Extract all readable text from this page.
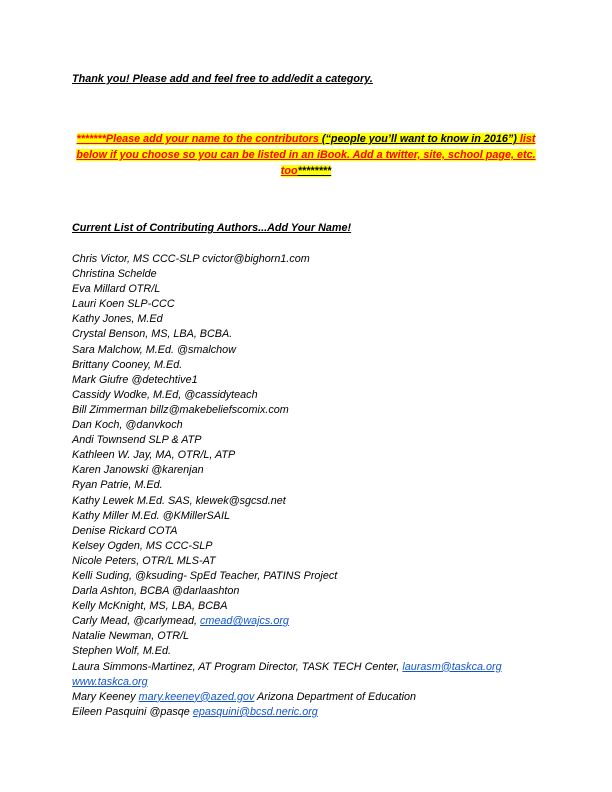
Thank you! Please add and feel free to add/edit a category.
*******Please add your name to the contributors (“people you’ll want to know in 2016”) list below if you choose so you can be listed in an iBook. Add a twitter, site, school page, etc. too********
Current List of Contributing Authors...Add Your Name!
Chris Victor, MS CCC-SLP cvictor@bighorn1.com
Christina Schelde
Eva Millard OTR/L
Lauri Koen SLP-CCC
Kathy Jones, M.Ed
Crystal Benson, MS, LBA, BCBA.
Sara Malchow, M.Ed. @smalchow
Brittany Cooney, M.Ed.
Mark Giufre @detechtive1
Cassidy Wodke, M.Ed, @cassidyteach
Bill Zimmerman billz@makebeliefscomix.com
Dan Koch, @danvkoch
Andi Townsend SLP & ATP
Kathleen W. Jay, MA, OTR/L, ATP
Karen Janowski @karenjan
Ryan Patrie, M.Ed.
Kathy Lewek M.Ed. SAS, klewek@sgcsd.net
Kathy Miller M.Ed. @KMillerSAIL
Denise Rickard COTA
Kelsey Ogden, MS CCC-SLP
Nicole Peters, OTR/L MLS-AT
Kelli Suding, @ksuding- SpEd Teacher, PATINS Project
Darla Ashton, BCBA @darlaashton
Kelly McKnight, MS, LBA, BCBA
Carly Mead, @carlymead, cmead@wajcs.org
Natalie Newman, OTR/L
Stephen Wolf, M.Ed.
Laura Simmons-Martinez, AT Program Director, TASK TECH Center, laurasm@taskca.org
www.taskca.org
Mary Keeney mary.keeney@azed.gov Arizona Department of Education
Eileen Pasquini @pasqe epasquini@bcsd.neric.org
